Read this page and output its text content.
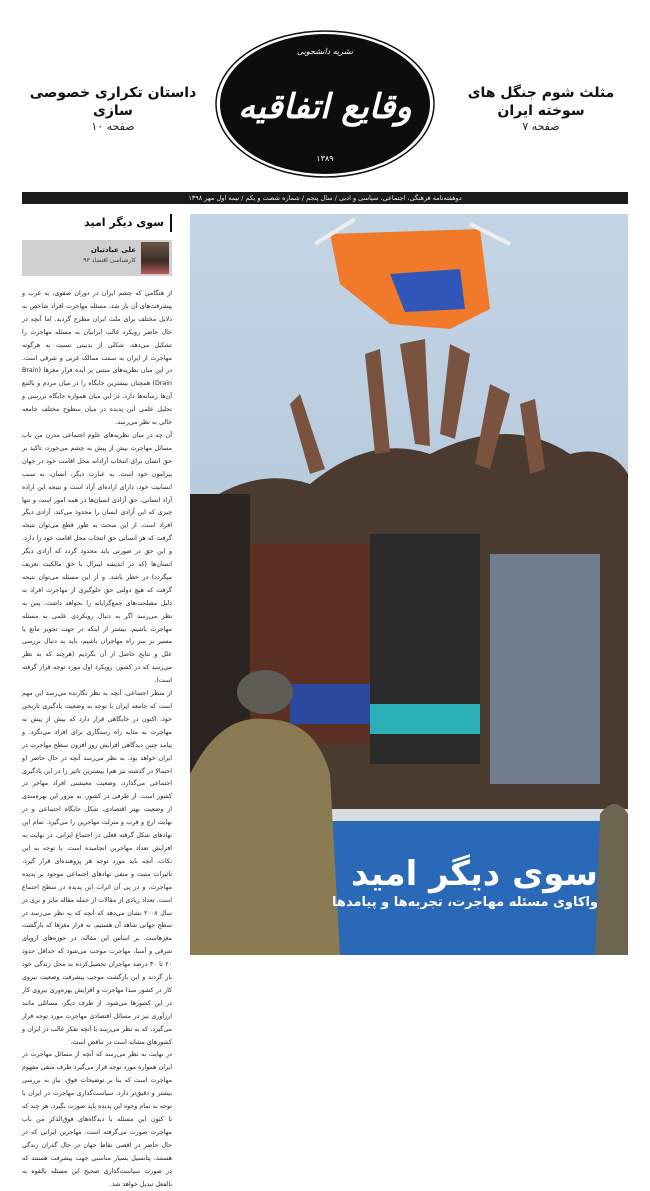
مثلث شوم جنگل های سوخته ایران
صفحه ۷
داستان تکراری خصوصی سازی
صفحه ۱۰
نشریه دانشجویی
وقایع اتفاقیه
۱۳۸۹
دوهفته‌نامه فرهنگی، اجتماعی، سیاسی و ادبی / سال پنجم / شماره شصت و یکم / نیمه اول مهر ۱۳۹۸
سوی دیگر امید
علی عبادتیان
کارشناسی اقتصاد ۹۳

از هنگامی که چشم ایران در دوران صفوی، به غرب و پیشرفت‌های آن باز شد، مسئله مهاجرت افراد شاخص به دلایل مختلف برای ملت ایران مطرح گردید. اما آنچه در حال حاضر رویکرد غالب ایرانیان به مسئله مهاجرت را تشکیل می‌دهد، شکلی از بدبینی نسبت به هرگونه مهاجرت از ایران به سمت ممالک غربی و شرقی است. در این میان نظریه‌های مبتنی بر ایده فرار مغزها (Brain Drain) همچنان بیشترین جایگاه را در میان مردم و بالتبع آن‌ها رسانه‌ها دارد. در این میان همواره جایگاه بررسی و تحلیل علمی این پدیده در میان سطوح مختلف جامعه خالی به نظر می‌رسد.

آن چه در میان نظریه‌های علوم اجتماعی مدرن من باب مسائل مهاجرت بیش از پیش به چشم می‌خورد، تاکید بر حق انسان برای انتخاب آزادانه محل اقامت خود در جهان پیرامون خود است. به عبارت دیگر، انسان، به سبب انسانیت خود، دارای اراده‌ای آزاد است و نتیجه این اراده آزاد انسانی، حق آزادی انسان‌ها در همه امور است و تنها چیزی که این آزادی انسان را محدود می‌کند، آزادی دیگر افراد است. از این مبحث به طور قطع می‌توان نتیجه گرفت که هر انسانی حق انتخاب محل اقامت خود را دارد. و این حق در صورتی باید محدود گردد که آزادی دیگر انسان‌ها (که در اندیشه لیبرال با حق مالکیت تعریف میگردد) در خطر باشد. و از این مسئله می‌توان نتیجه گرفت که هیچ دولتی حق جلوگیری از مهاجرت افراد به دلیل مصلحت‌های جمع‌گرایانه را نخواهد داشت. پس به نظر می‌رسد اگر به دنبال رویکردی علمی به مسئله مهاجرت باشیم، بیشتر از اینکه در جهت تجویز مانع یا مسیر بر سر راه مهاجران باشیم، باید به دنبال بررسی علل و نتایج حاصل از آن بگردیم (هرچند که به نظر می‌رسد که در کشور، رویکرد اول مورد توجه قرار گرفته است).

از منظر اجتماعی، آنچه به نظر نگارنده می‌رسد این مهم است که جامعه ایران با توجه به وضعیت یادگیری تاریخی خود، اکنون در جایگاهی قرار دارد که بیش از پیش به مهاجرت به مثابه راه رستگاری برای افراد می‌نگرد. و پیامد چنین دیدگاهی افزایش روز افزون سطح مهاجرت در ایران خواهد بود. به نظر می‌رسد آنچه در حال حاضر (و احتمالا در گذشته نیز هم) بیشترین تاثیر را در این یادگیری اجتماعی می‌گذارد، وضعیت معیشتی افراد مهاجر در کشور است. از طرفی در کشور، به مرور این بهره‌مندی از وضعیت بهتر اقتصادی، شکل جایگاه اجتماعی و در نهایت ارج و قرب و منزلت مهاجرین را می‌گیرد. تمام این نهادهای شکل گرفته فعلی در اجتماع ایرانی، در نهایت به افزایش تعداد مهاجرین انجامیده است. با توجه به این نکات، آنچه باید مورد توجه هر پژوهنده‌ای قرار گیرد، تاثیرات مثبت و منفی نهادهای اجتماعی موجود بر پدیده مهاجرت، و در پی آن اثرات این پدیده در سطح اجتماع است. تعداد زیادی از مقالات از جمله مقاله مایر و بری در سال ۲۰۰۸ نشان می‌دهد که آنچه که به نظر می‌رسد در سطح جهانی شاهد آن هستیم، نه فرار مغزها که بازگشت مغزهاست. بر اساس این مقاله، در حوزه‌های اروپای شرقی و آسیا، مهاجرت موجب می‌شود که حداقل حدود ۲۰ تا ۳۰ درصد مهاجران تحصیل‌کرده به محل زندگی خود باز گردند و این بازگشت موجب پیشرفت وضعیت نیروی کار در کشور مبدا مهاجرت و افزایش بهره‌وری نیروی کار در این کشورها می‌شود. از طرف دیگر، مسائلی مانند ارزآوری نیز در مسائل اقتصادی مهاجرت مورد توجه قرار می‌گیرد، که به نظر می‌رسد با آنچه تفکر غالب در ایران و کشورهای مشابه است در تناقض است.

در نهایت به نظر می‌رسد که آنچه از مسائل مهاجرت در ایران همواره مورد توجه قرار می‌گیرد طرف منفی مفهوم مهاجرت است که بنا بر توضیحات فوق، نیاز به بررسی بیشتر و دقیق‌تر دارد. سیاست‌گذاری مهاجرت در ایران با توجه به تمام وجوه این پدیده باید صورت بگیرد، هر چند که تا کنون این مسئله با دیدگاه‌های فوق‌الذکر من باب مهاجرت صورت می‌گرفته است. مهاجرین ایرانی که در حال حاضر در اقصی نقاط جهان در حال گذران زندگی هستند، پتانسیل بسیار مناسبی جهت پیشرفت هستند که در صورت سیاست‌گذاری صحیح این مسئله بالقوه به بالفعل تبدیل خواهد شد.

سوی دیگر امید
واکاوی مسئله مهاجرت، تجربه‌ها و پیامدها
